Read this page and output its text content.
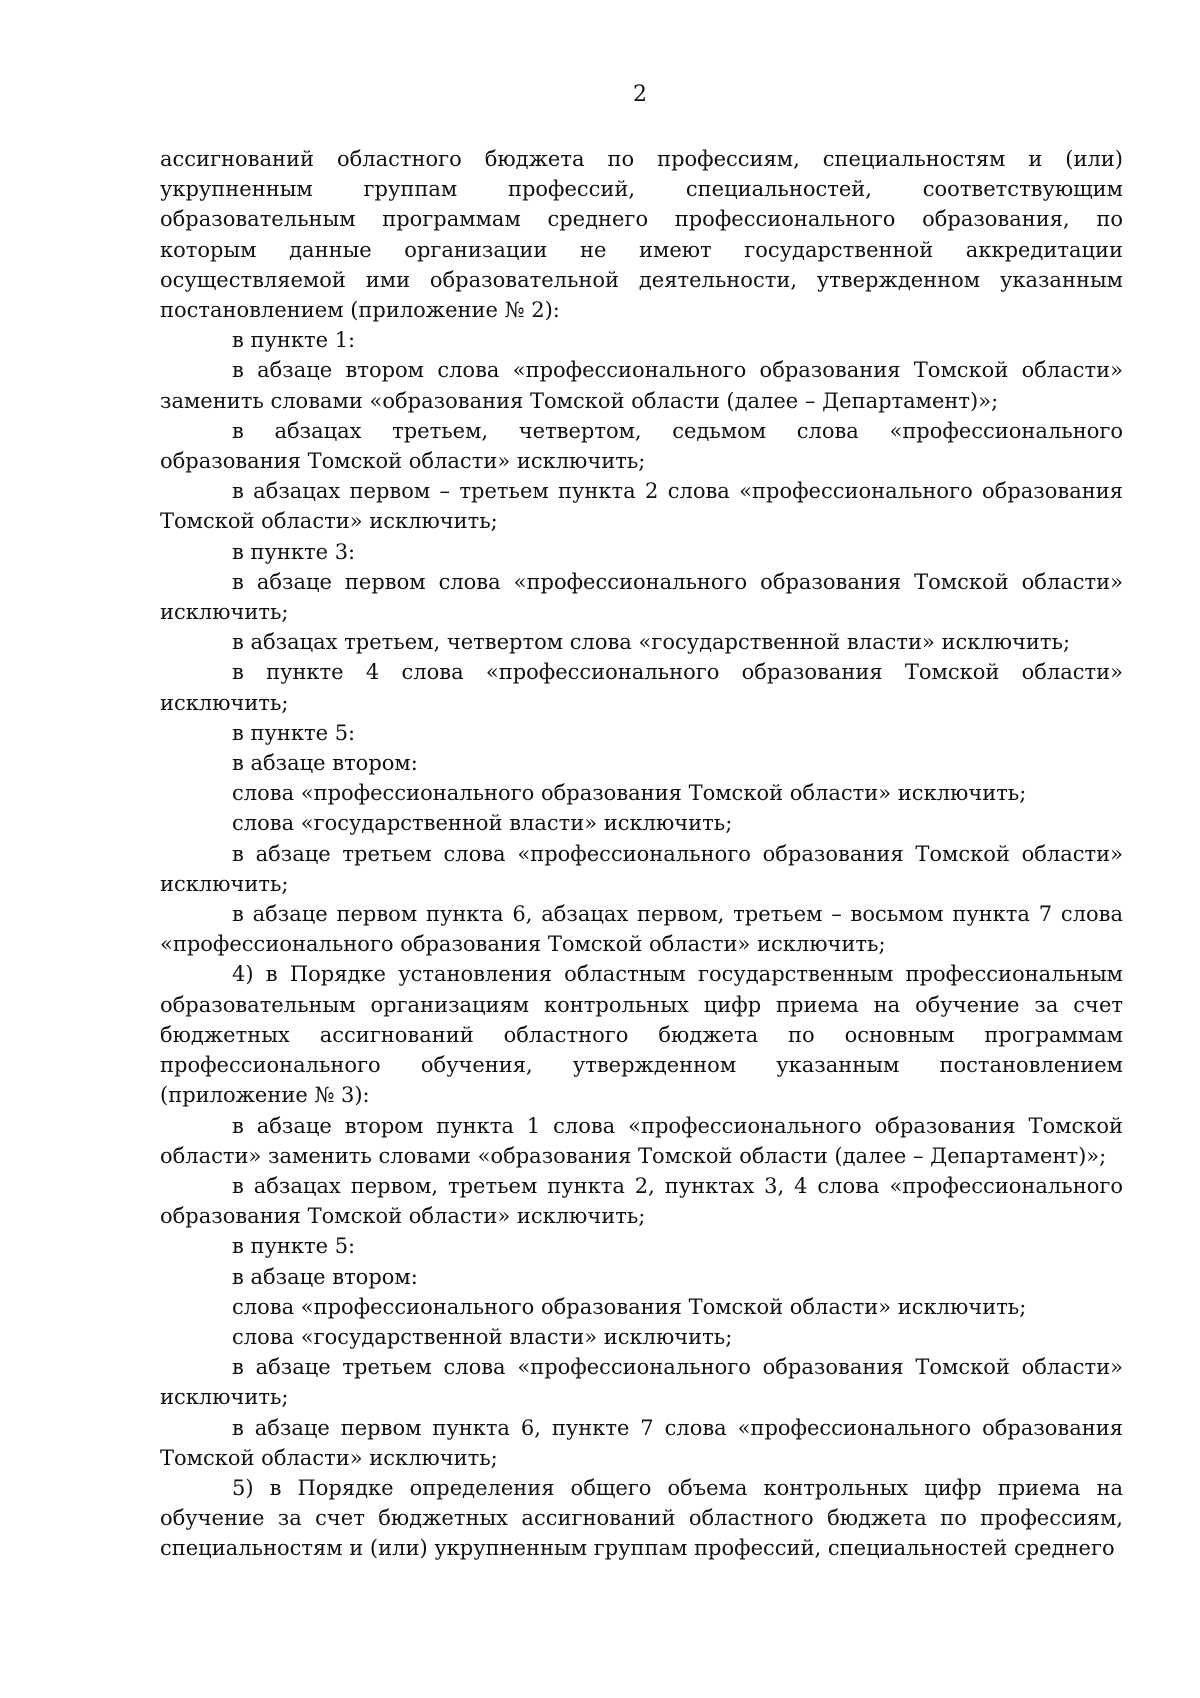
2

ассигнований областного бюджета по профессиям, специальностям и (или) укрупненным группам профессий, специальностей, соответствующим образовательным программам среднего профессионального образования, по которым данные организации не имеют государственной аккредитации осуществляемой ими образовательной деятельности, утвержденном указанным постановлением (приложение № 2):

в пункте 1:

в абзаце втором слова «профессионального образования Томской области» заменить словами «образования Томской области (далее – Департамент)»;

в абзацах третьем, четвертом, седьмом слова «профессионального образования Томской области» исключить;

в абзацах первом – третьем пункта 2 слова «профессионального образования Томской области» исключить;

в пункте 3:

в абзаце первом слова «профессионального образования Томской области» исключить;

в абзацах третьем, четвертом слова «государственной власти» исключить;

в пункте 4 слова «профессионального образования Томской области» исключить;

в пункте 5:

в абзаце втором:

слова «профессионального образования Томской области» исключить;

слова «государственной власти» исключить;

в абзаце третьем слова «профессионального образования Томской области» исключить;

в абзаце первом пункта 6, абзацах первом, третьем – восьмом пункта 7 слова «профессионального образования Томской области» исключить;

4) в Порядке установления областным государственным профессиональным образовательным организациям контрольных цифр приема на обучение за счет бюджетных ассигнований областного бюджета по основным программам профессионального обучения, утвержденном указанным постановлением (приложение № 3):

в абзаце втором пункта 1 слова «профессионального образования Томской области» заменить словами «образования Томской области (далее – Департамент)»;

в абзацах первом, третьем пункта 2, пунктах 3, 4 слова «профессионального образования Томской области» исключить;

в пункте 5:

в абзаце втором:

слова «профессионального образования Томской области» исключить;

слова «государственной власти» исключить;

в абзаце третьем слова «профессионального образования Томской области» исключить;

в абзаце первом пункта 6, пункте 7 слова «профессионального образования Томской области» исключить;

5) в Порядке определения общего объема контрольных цифр приема на обучение за счет бюджетных ассигнований областного бюджета по профессиям, специальностям и (или) укрупненным группам профессий, специальностей среднего
